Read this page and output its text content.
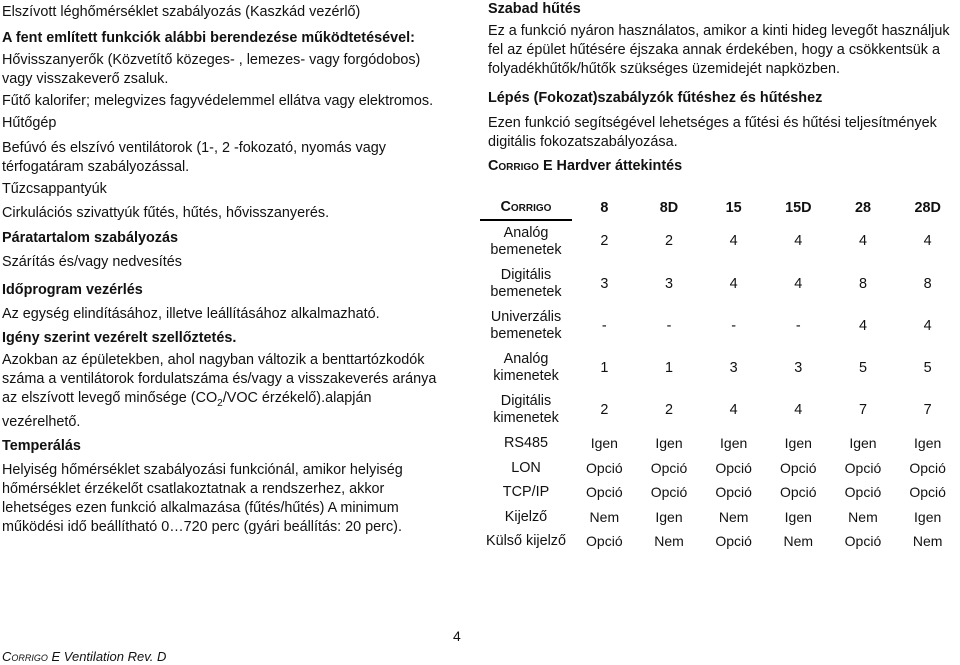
Elszívott léghőmérséklet szabályozás (Kaszkád vezérlő)

A fent említett funkciók alábbi berendezése működtetésével:

Hővisszanyerők (Közvetítő közeges- , lemezes- vagy forgódobos) vagy visszakeverő zsaluk.

Fűtő kalorifer; melegvizes fagyvédelemmel ellátva vagy elektromos.

Hűtőgép

Befúvó és elszívó ventilátorok (1-, 2 -fokozató, nyomás vagy térfogatáram szabályozással.

Tűzcsappantyúk

Cirkulációs szivattyúk fűtés, hűtés, hővisszanyerés.

Páratartalom szabályozás

Szárítás és/vagy nedvesítés

Időprogram vezérlés

Az egység elindításához, illetve leállításához alkalmazható.

Igény szerint vezérelt szellőztetés.

Azokban az épületekben, ahol nagyban változik a benttartózkodók száma a ventilátorok fordulatszáma és/vagy a visszakeverés aránya az elszívott levegő minősége ($CO_2$/VOC érzékelő).alapján vezérelhető.

Temperálás

Helyiség hőmérséklet szabályozási funkciónál, amikor helyiség hőmérséklet érzékelőt csatlakoztatnak a rendszerhez, akkor lehetséges ezen funkció alkalmazása (fűtés/hűtés) A minimum működési idő beállítható 0…720 perc (gyári beállítás: 20 perc).

Szabad hűtés

Ez a funkció nyáron használatos, amikor a kinti hideg levegőt használjuk fel az épület hűtésére éjszaka annak érdekében, hogy a csökkentsük a folyadékhűtők/hűtők szükséges üzemidejét napközben.

Lépés (Fokozat)szabályzók fűtéshez és hűtéshez

Ezen funkció segítségével lehetséges a fűtési és hűtési teljesítmények digitális fokozatszabályozása.

Corrigo E Hardver áttekintés

Corrigo	8	8D	15	15D	28	28D
Analóg
bemenetek	2	2	4	4	4	4
Digitális
bemenetek	3	3	4	4	8	8
Univerzális
bemenetek	-	-	-	-	4	4
Analóg
kimenetek	1	1	3	3	5	5
Digitális
kimenetek	2	2	4	4	7	7
RS485	Igen	Igen	Igen	Igen	Igen	Igen
LON	Opció	Opció	Opció	Opció	Opció	Opció
TCP/IP	Opció	Opció	Opció	Opció	Opció	Opció
Kijelző	Nem	Igen	Nem	Igen	Nem	Igen
Külső kijelző	Opció	Nem	Opció	Nem	Opció	Nem
4
Corrigo E Ventilation Rev. D
